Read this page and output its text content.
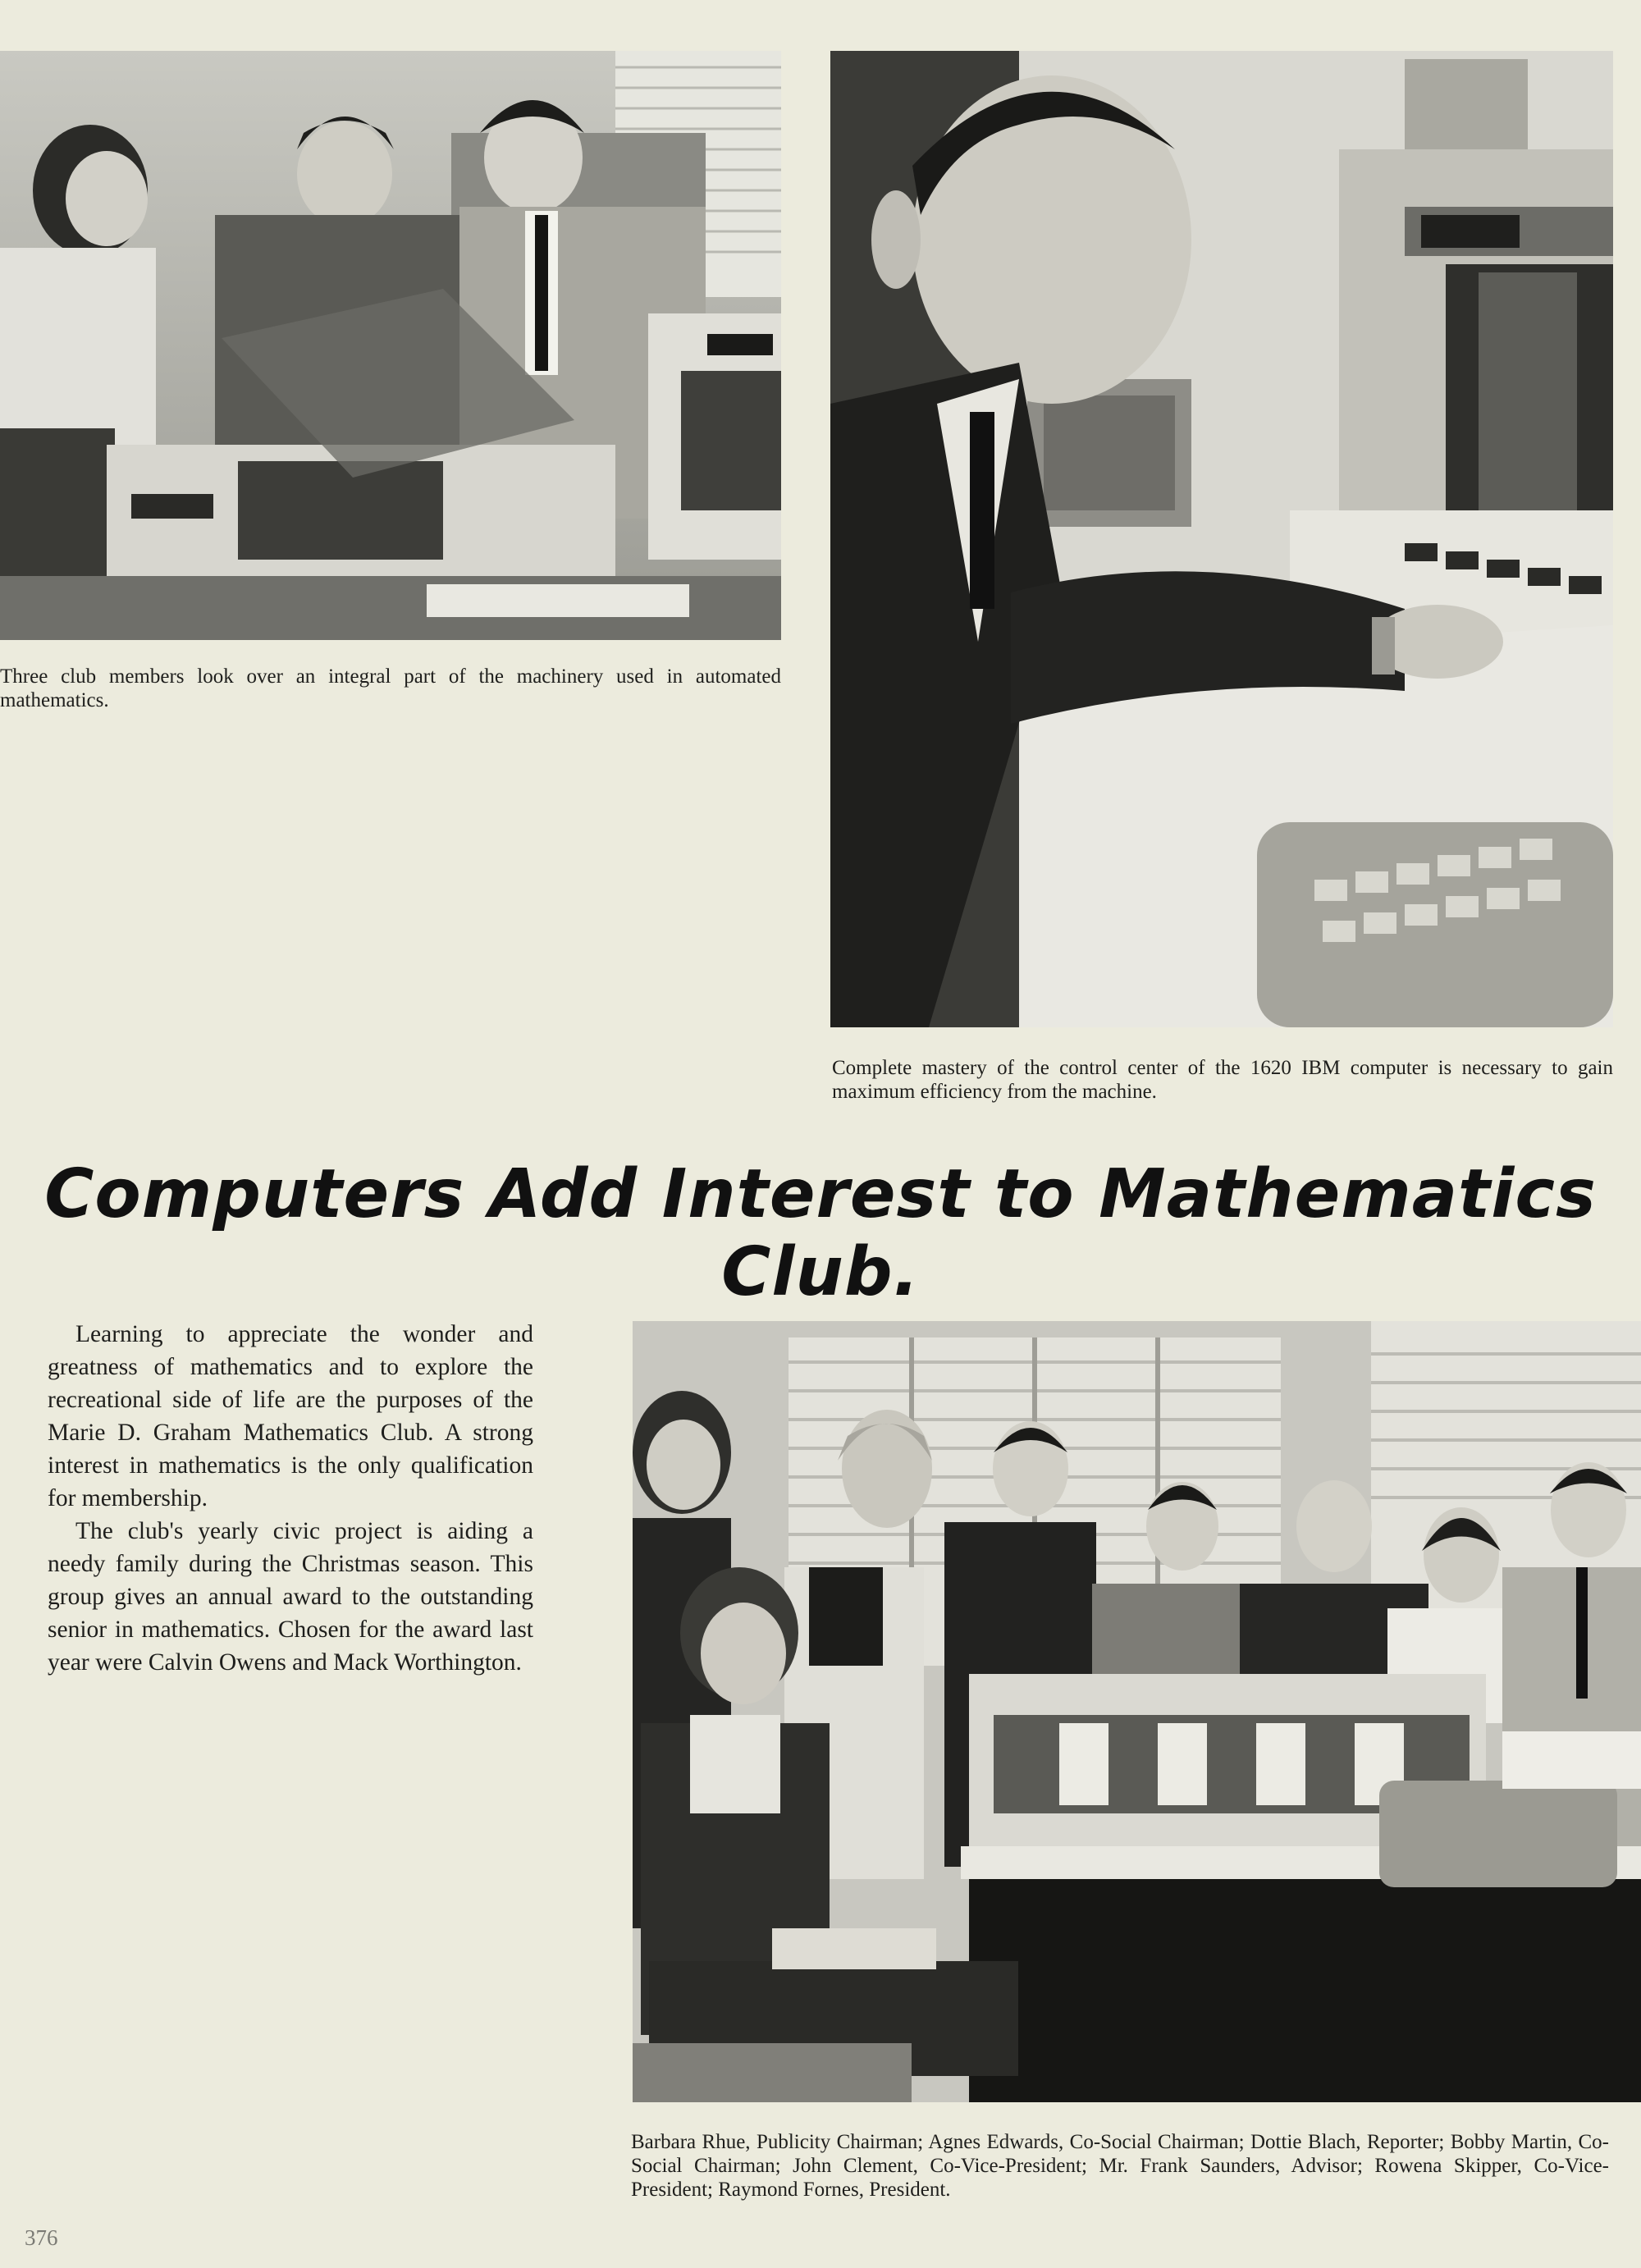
Three club members look over an integral part of the machinery used in automated mathematics.
Complete mastery of the control center of the 1620 IBM computer is necessary to gain maximum efficiency from the machine.
Computers Add Interest to Mathematics Club.

Learning to appreciate the wonder and greatness of mathematics and to explore the recreational side of life are the purposes of the Marie D. Graham Mathematics Club. A strong interest in mathematics is the only qualification for membership.

The club's yearly civic project is aiding a needy family during the Christmas season. This group gives an annual award to the outstanding senior in mathematics. Chosen for the award last year were Calvin Owens and Mack Worthington.

Barbara Rhue, Publicity Chairman; Agnes Edwards, Co-Social Chairman; Dottie Blach, Reporter; Bobby Martin, Co-Social Chairman; John Clement, Co-Vice-President; Mr. Frank Saunders, Advisor; Rowena Skipper, Co-Vice-President; Raymond Fornes, President.
376
